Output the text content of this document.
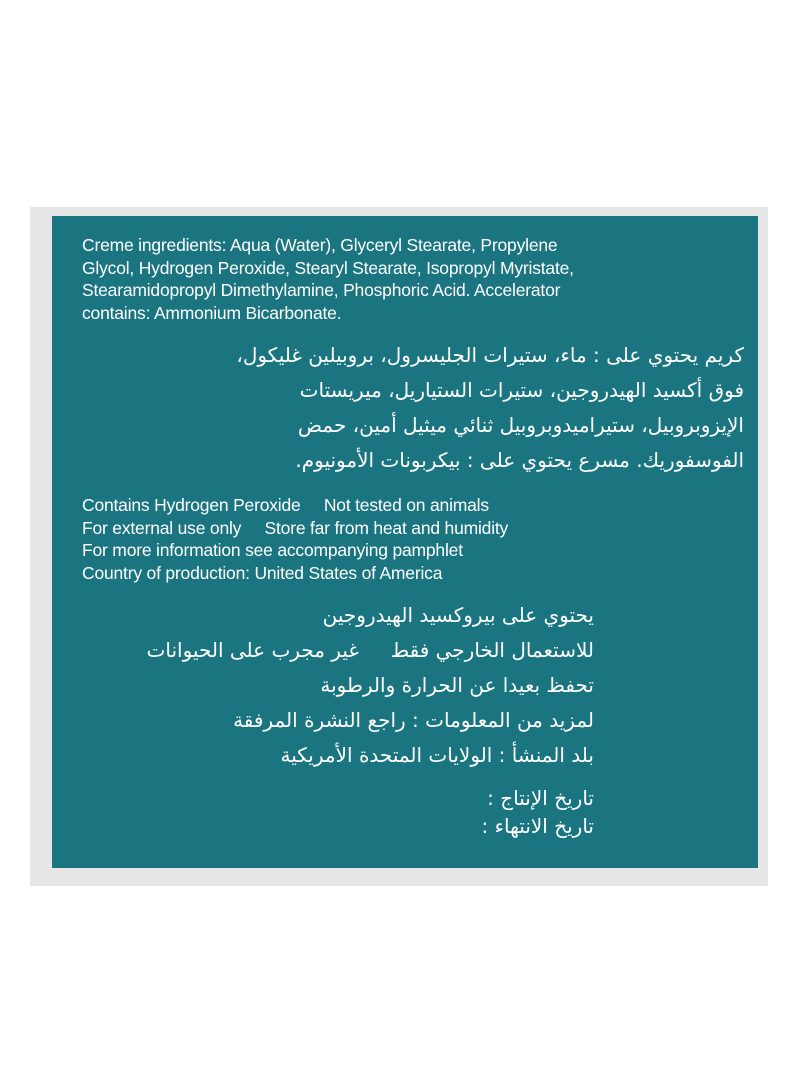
Creme ingredients: Aqua (Water), Glyceryl Stearate, Propylene
Glycol, Hydrogen Peroxide, Stearyl Stearate, Isopropyl Myristate,
Stearamidopropyl Dimethylamine, Phosphoric Acid. Accelerator
contains: Ammonium Bicarbonate.
كريم يحتوي على : ماء، ستيرات الجليسرول، بروبيلين غليكول،
فوق أكسيد الهيدروجين، ستيرات الستياريل، ميريستات
الإيزوبروبيل، ستيراميدوبروبيل ثنائي ميثيل أمين، حمض
الفوسفوريك. مسرع يحتوي على : بيكربونات الأمونيوم.
Contains Hydrogen Peroxide     Not tested on animals
For external use only     Store far from heat and humidity
For more information see accompanying pamphlet
Country of production: United States of America
يحتوي على بيروكسيد الهيدروجين
للاستعمال الخارجي فقط     غير مجرب على الحيوانات
تحفظ بعيدا عن الحرارة والرطوبة
لمزيد من المعلومات : راجع النشرة المرفقة
بلد المنشأ : الولايات المتحدة الأمريكية
تاريخ الإنتاج :
تاريخ الانتهاء :
